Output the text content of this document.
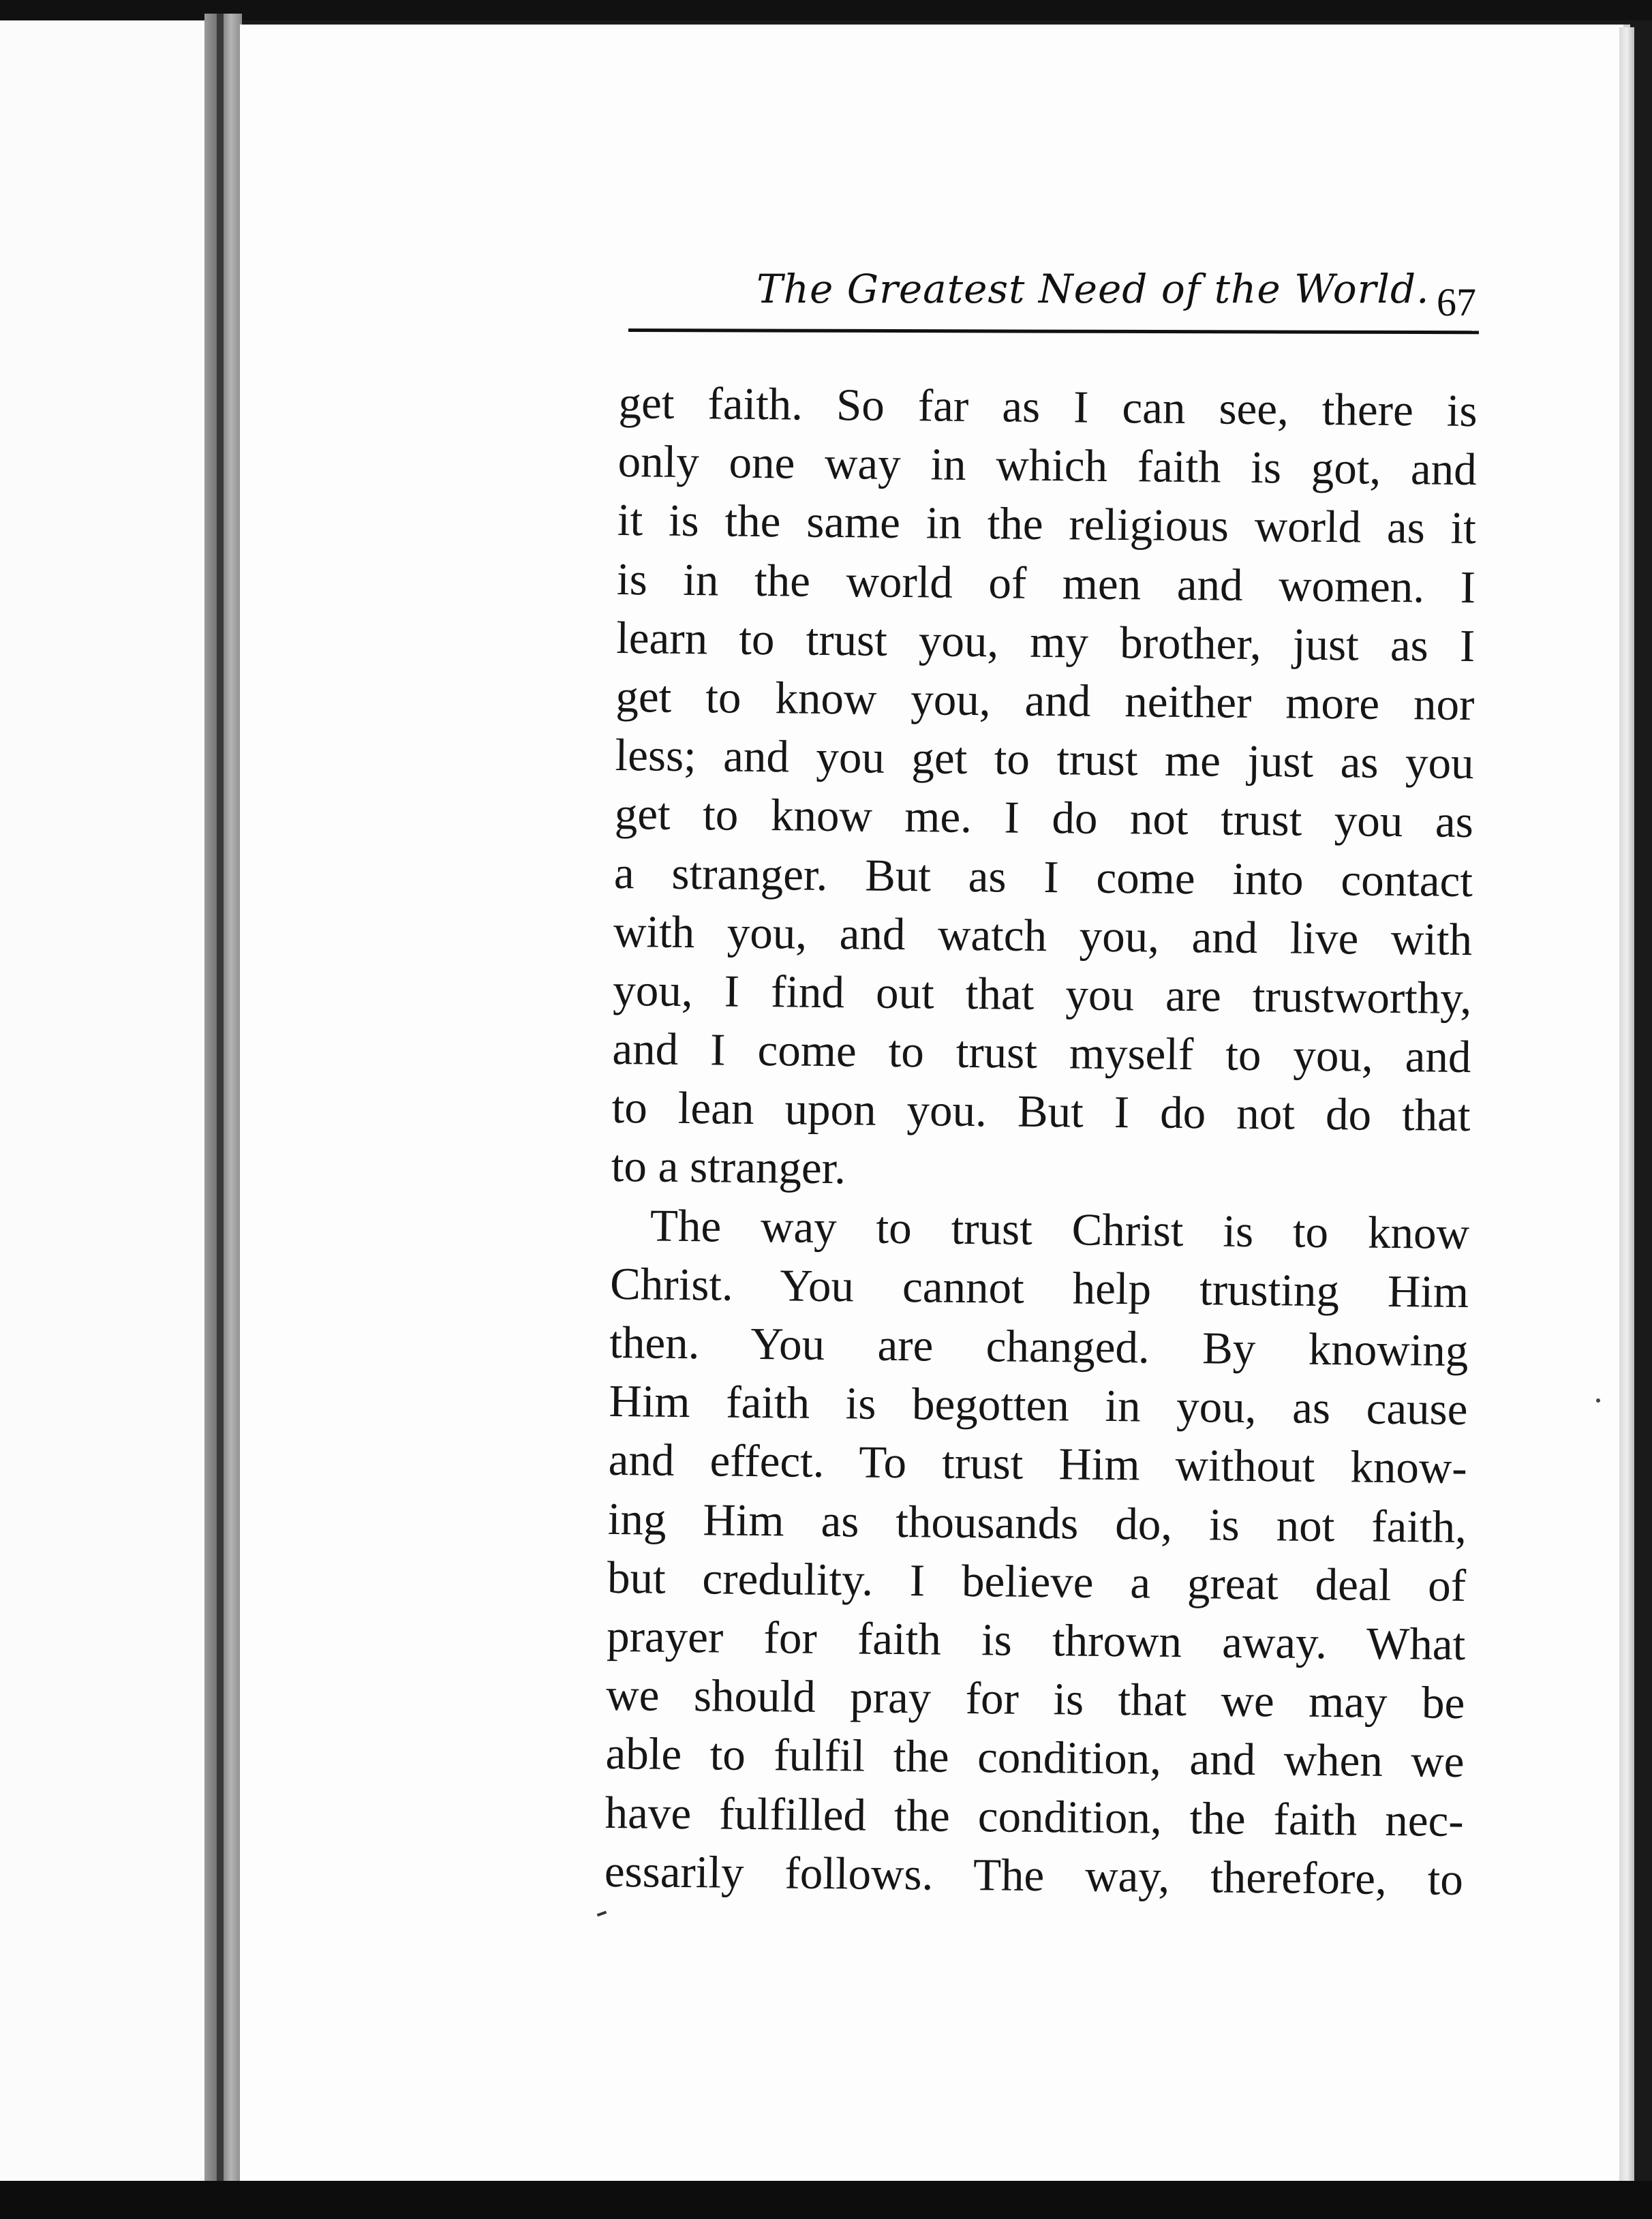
The Greatest Need of the World. 67
get faith. So far as I can see, there is
only one way in which faith is got, and
it is the same in the religious world as it
is in the world of men and women. I
learn to trust you, my brother, just as I
get to know you, and neither more nor
less; and you get to trust me just as you
get to know me. I do not trust you as
a stranger. But as I come into contact
with you, and watch you, and live with
you, I find out that you are trustworthy,
and I come to trust myself to you, and
to lean upon you. But I do not do that
to a stranger.
The way to trust Christ is to know
Christ. You cannot help trusting Him
then. You are changed. By knowing
Him faith is begotten in you, as cause
and effect. To trust Him without know-
ing Him as thousands do, is not faith,
but credulity. I believe a great deal of
prayer for faith is thrown away. What
we should pray for is that we may be
able to fulfil the condition, and when we
have fulfilled the condition, the faith nec-
essarily follows. The way, therefore, to
